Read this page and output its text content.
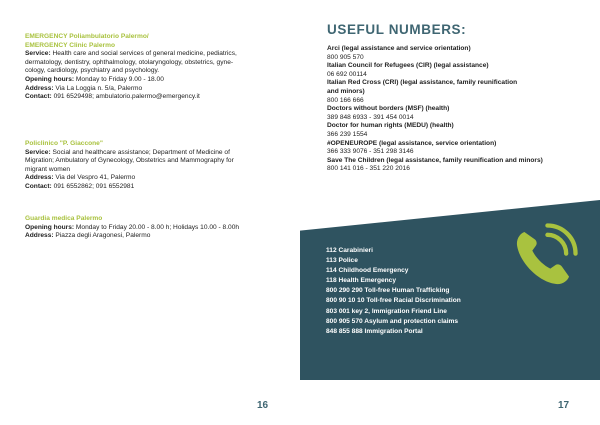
EMERGENCY Poliambulatorio Palermo/
EMERGENCY Clinic Palermo
Service: Health care and social services of general medicine, pediatrics,
dermatology, dentistry, ophthalmology, otolaryngology, obstetrics, gyne-
cology, cardiology, psychiatry and psychology.
Opening hours: Monday to Friday 9.00 - 18.00
Address: Via La Loggia n. 5/a, Palermo
Contact: 091 6529498; ambulatorio.palermo@emergency.it
Policlinico "P. Giaccone"
Service: Social and healthcare assistance; Department of Medicine of
Migration; Ambulatory of Gynecology, Obstetrics and Mammography for
migrant women
Address: Via del Vespro 41, Palermo
Contact: 091 6552862; 091 6552981
Guardia medica Palermo
Opening hours: Monday to Friday 20.00 - 8.00 h; Holidays 10.00 - 8.00h
Address: Piazza degli Aragonesi, Palermo
16
USEFUL NUMBERS:
Arci (legal assistance and service orientation)
800 905 570
Italian Council for Refugees (CIR) (legal assistance)
06 692 00114
Italian Red Cross (CRI) (legal assistance, family reunification
and minors)
800 166 666
Doctors without borders (MSF) (health)
389 848 6933 - 391 454 0014
Doctor for human rights (MEDU) (health)
366 239 1554
#OPENEUROPE (legal assistance, service orientation)
366 333 9076 - 351 298 3146
Save The Children (legal assistance, family reunification and minors)
800 141 016 - 351 220 2016
112 Carabinieri
113 Police
114 Childhood Emergency
118 Health Emergency
800 290 290 Toll-free Human Trafficking
800 90 10 10 Toll-free Racial Discrimination
803 001 key 2, Immigration Friend Line
800 905 570 Asylum and protection claims
848 855 888 Immigration Portal
17
